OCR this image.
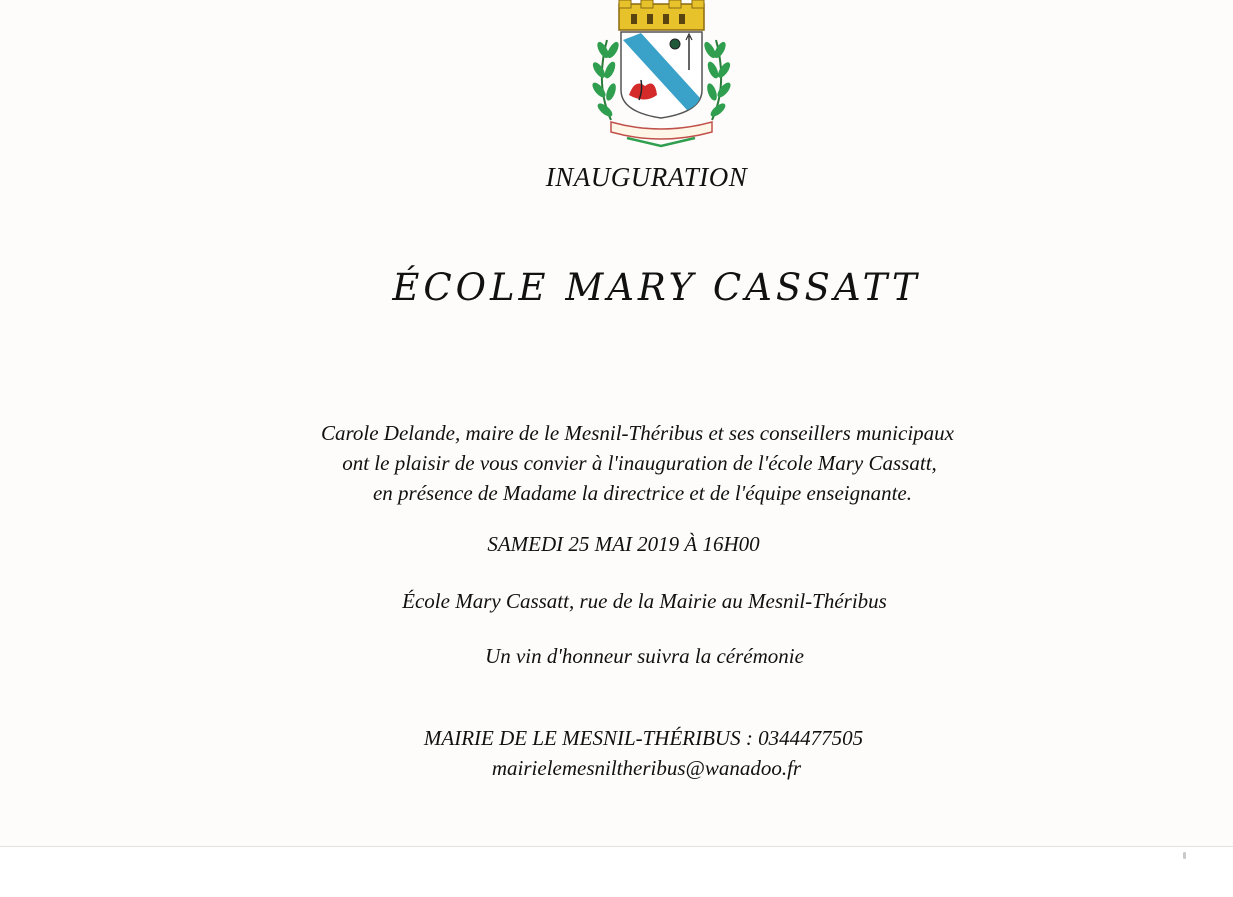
INAUGURATION
ÉCOLE MARY CASSATT
Carole Delande, maire de le Mesnil-Théribus et ses conseillers municipaux
ont le plaisir de vous convier à l'inauguration de l'école Mary Cassatt,
en présence de Madame la directrice et de l'équipe enseignante.
SAMEDI 25 MAI 2019 À 16H00
École Mary Cassatt, rue de la Mairie au Mesnil-Théribus
Un vin d'honneur suivra la cérémonie
MAIRIE DE LE MESNIL-THÉRIBUS : 0344477505
mairielemesniltheribus@wanadoo.fr
